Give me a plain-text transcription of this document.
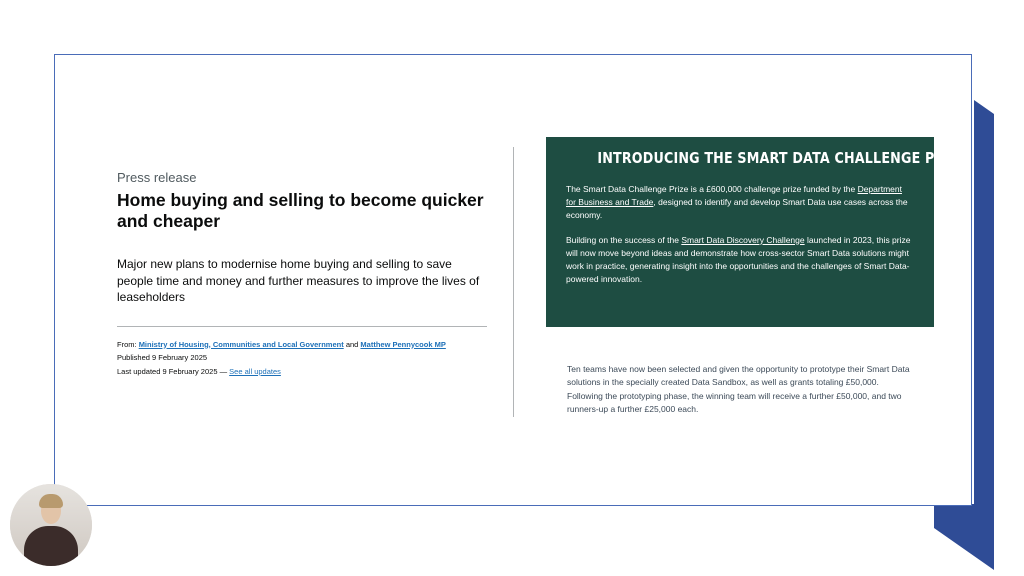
Press release

Home buying and selling to become quicker and cheaper

Major new plans to modernise home buying and selling to save people time and money and further measures to improve the lives of leaseholders

From: Ministry of Housing, Communities and Local Government and Matthew Pennycook MP

Published 9 February 2025

Last updated 9 February 2025 — See all updates

INTRODUCING THE SMART DATA CHALLENGE PRIZE

The Smart Data Challenge Prize is a £600,000 challenge prize funded by the Department for Business and Trade, designed to identify and develop Smart Data use cases across the economy.

Building on the success of the Smart Data Discovery Challenge launched in 2023, this prize will now move beyond ideas and demonstrate how cross-sector Smart Data solutions might work in practice, generating insight into the opportunities and the challenges of Smart Data-powered innovation.

Ten teams have now been selected and given the opportunity to prototype their Smart Data solutions in the specially created Data Sandbox, as well as grants totaling £50,000. Following the prototyping phase, the winning team will receive a further £50,000, and two runners-up a further £25,000 each.
